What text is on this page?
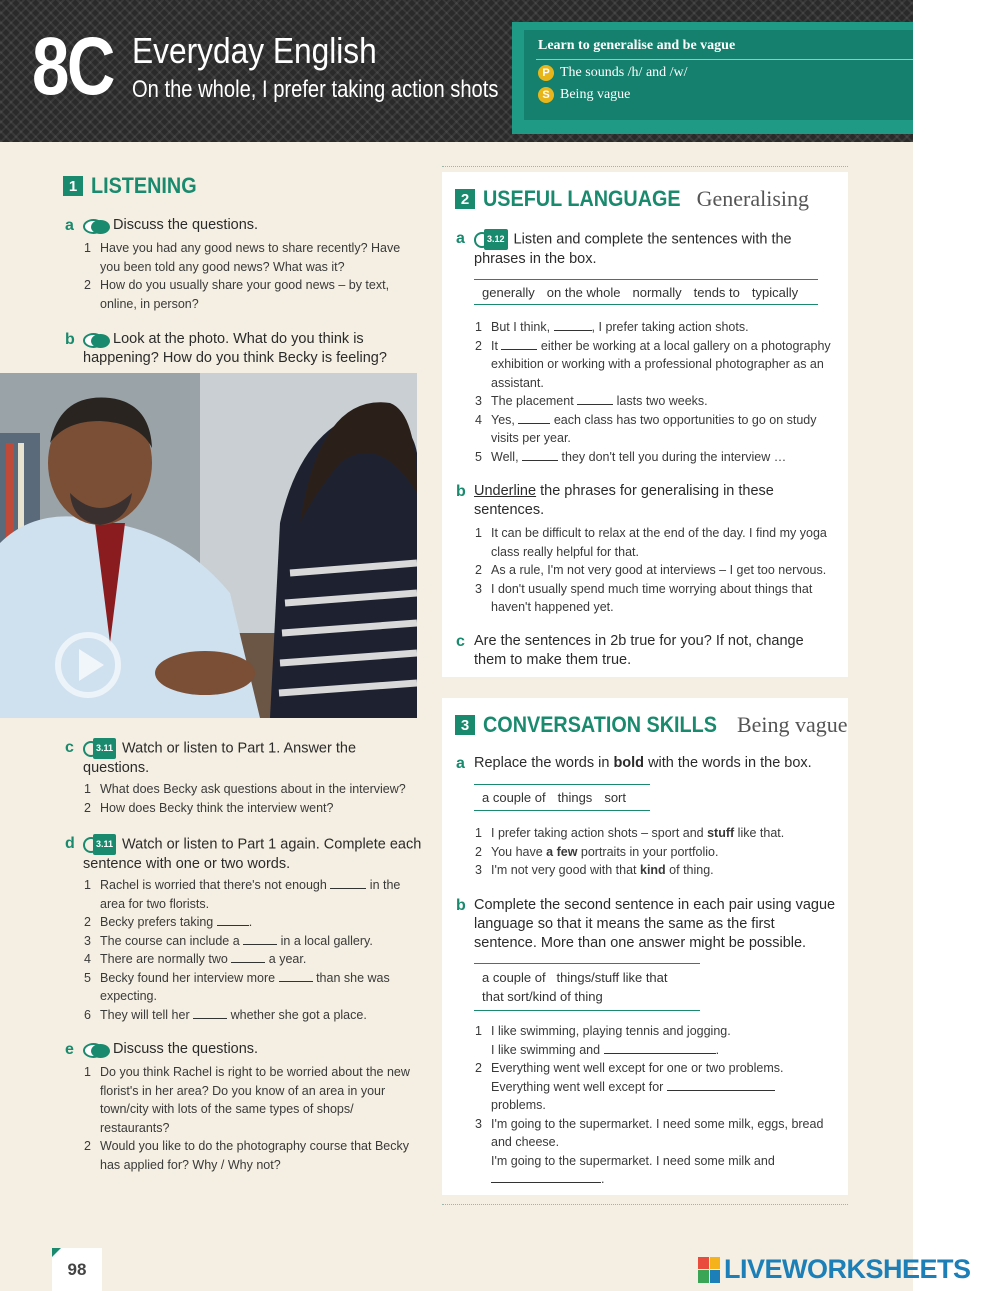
8C Everyday English
On the whole, I prefer taking action shots
Learn to generalise and be vague
P The sounds /h/ and /w/
S Being vague
1 LISTENING
a	Discuss the questions.
1 Have you had any good news to share recently? Have you been told any good news? What was it?
2 How do you usually share your good news – by text, online, in person?
b	Look at the photo. What do you think is happening? How do you think Becky is feeling?
c	3.11 Watch or listen to Part 1. Answer the questions.
1 What does Becky ask questions about in the interview?
2 How does Becky think the interview went?
d	3.11 Watch or listen to Part 1 again. Complete each sentence with one or two words.
1 Rachel is worried that there's not enough	in the area for two florists.
2 Becky prefers taking	.
3 The course can include a	in a local gallery.
4 There are normally two	a year.
5 Becky found her interview more	than she was expecting.
6 They will tell her	whether she got a place.
e	Discuss the questions.
1 Do you think Rachel is right to be worried about the new florist's in her area? Do you know of an area in your town/city with lots of the same types of shops/ restaurants?
2 Would you like to do the photography course that Becky has applied for? Why / Why not?
2 USEFUL LANGUAGE Generalising
a	3.12 Listen and complete the sentences with the phrases in the box.
generally on the whole normally tends to typically
1 But I think,	, I prefer taking action shots.
2 It	either be working at a local gallery on a photography exhibition or working with a professional photographer as an assistant.
3 The placement	lasts two weeks.
4 Yes,	each class has two opportunities to go on study visits per year.
5 Well,	they don't tell you during the interview …
b Underline the phrases for generalising in these sentences.
1 It can be difficult to relax at the end of the day. I find my yoga class really helpful for that.
2 As a rule, I'm not very good at interviews – I get too nervous.
3 I don't usually spend much time worrying about things that haven't happened yet.
c Are the sentences in 2b true for you? If not, change them to make them true.
3 CONVERSATION SKILLS Being vague
a Replace the words in bold with the words in the box.
a couple of things sort
1 I prefer taking action shots – sport and stuff like that.
2 You have a few portraits in your portfolio.
3 I'm not very good with that kind of thing.
b Complete the second sentence in each pair using vague language so that it means the same as the first sentence. More than one answer might be possible.
a couple of things/stuff like that
that sort/kind of thing
1 I like swimming, playing tennis and jogging.
I like swimming and	.
2 Everything went well except for one or two problems.
Everything went well except for
problems.
3 I'm going to the supermarket. I need some milk, eggs, bread and cheese.
I'm going to the supermarket. I need some milk and
.
98	LIVEWORKSHEETS
